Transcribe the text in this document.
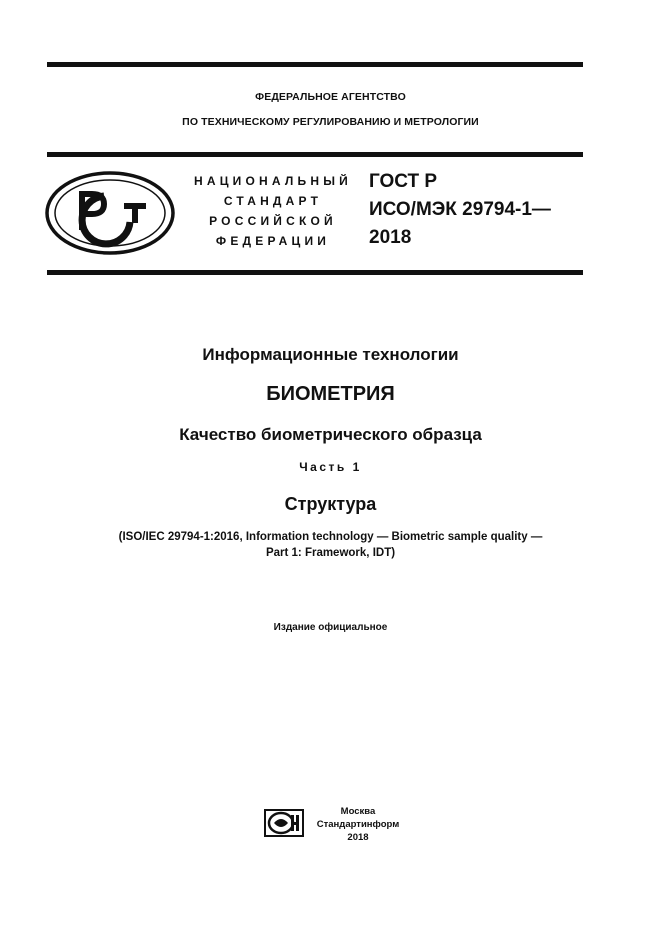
ФЕДЕРАЛЬНОЕ АГЕНТСТВО
ПО ТЕХНИЧЕСКОМУ РЕГУЛИРОВАНИЮ И МЕТРОЛОГИИ
НАЦИОНАЛЬНЫЙ
СТАНДАРТ
РОССИЙСКОЙ
ФЕДЕРАЦИИ
ГОСТ Р
ИСО/МЭК 29794-1—
2018
Информационные технологии
БИОМЕТРИЯ
Качество биометрического образца
Часть 1
Структура
(ISO/IEC 29794-1:2016, Information technology — Biometric sample quality —
Part 1: Framework, IDT)
Издание официальное
Москва
Стандартинформ
2018
